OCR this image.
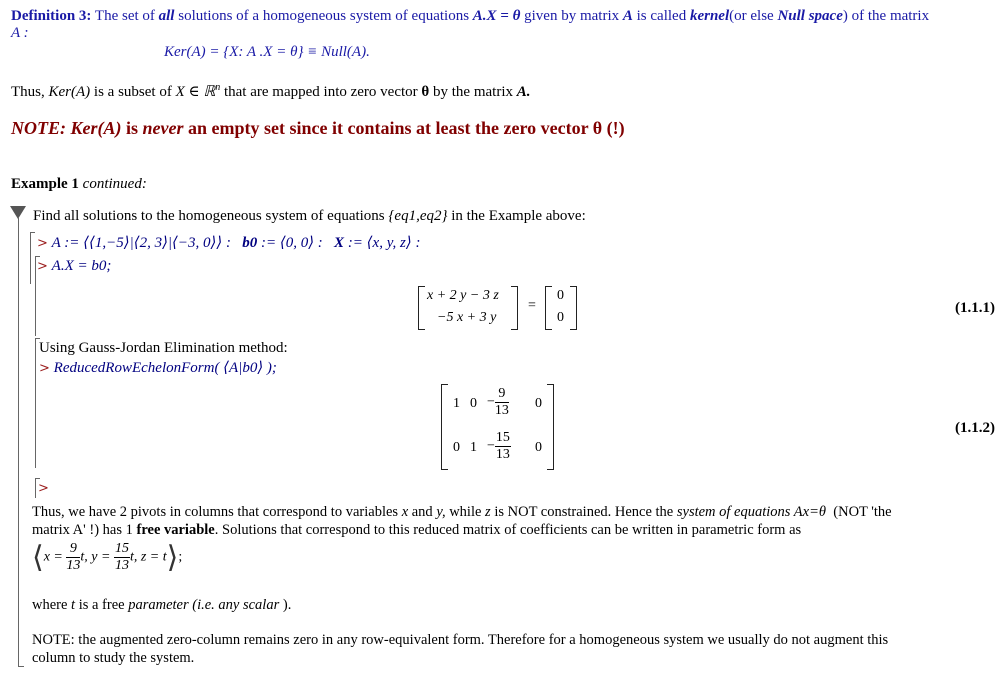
Definition 3: The set of all solutions of a homogeneous system of equations A.X = θ given by matrix A is called kernel(or else Null space) of the matrix
A :
Ker(A) = {X: A .X = θ} ≡ Null(A).
Thus, Ker(A) is a subset of X ∈ ℝ$^n$ that are mapped into zero vector θ by the matrix A.
NOTE: Ker(A) is never an empty set since it contains at least the zero vector θ (!)
Example 1 continued:
Find all solutions to the homogeneous system of equations {eq1,eq2} in the Example above:
> A := ⟨⟨1,−5⟩|⟨2, 3⟩|⟨−3, 0⟩⟩ : b0 := ⟨0, 0⟩ : X := ⟨x, y, z⟩ :
> A.X = b0;
x + 2 y − 3 z
−5 x + 3 y
=
0
0
(1.1.1)
Using Gauss-Jordan Elimination method:
> ReducedRowEchelonForm( ⟨A|b0⟩ );
1 $0 - \frac{9}{13} 0$
0 $1 - \frac{15}{13} 0$
(1.1.2)
>
Thus, we have 2 pivots in columns that correspond to variables x and y, while z is NOT constrained. Hence the system of equations Ax=θ (NOT 'the
matrix A' !) has 1 free variable. Solutions that correspond to this reduced matrix of coefficients can be written in parametric form as
⟨x = $\frac{9}{13} t$, $y = \frac{15}{13} t$, z = t⟩;
where t is a free parameter (i.e. any scalar ).
NOTE: the augmented zero-column remains zero in any row-equivalent form. Therefore for a homogeneous system we usually do not augment this
column to study the system.
